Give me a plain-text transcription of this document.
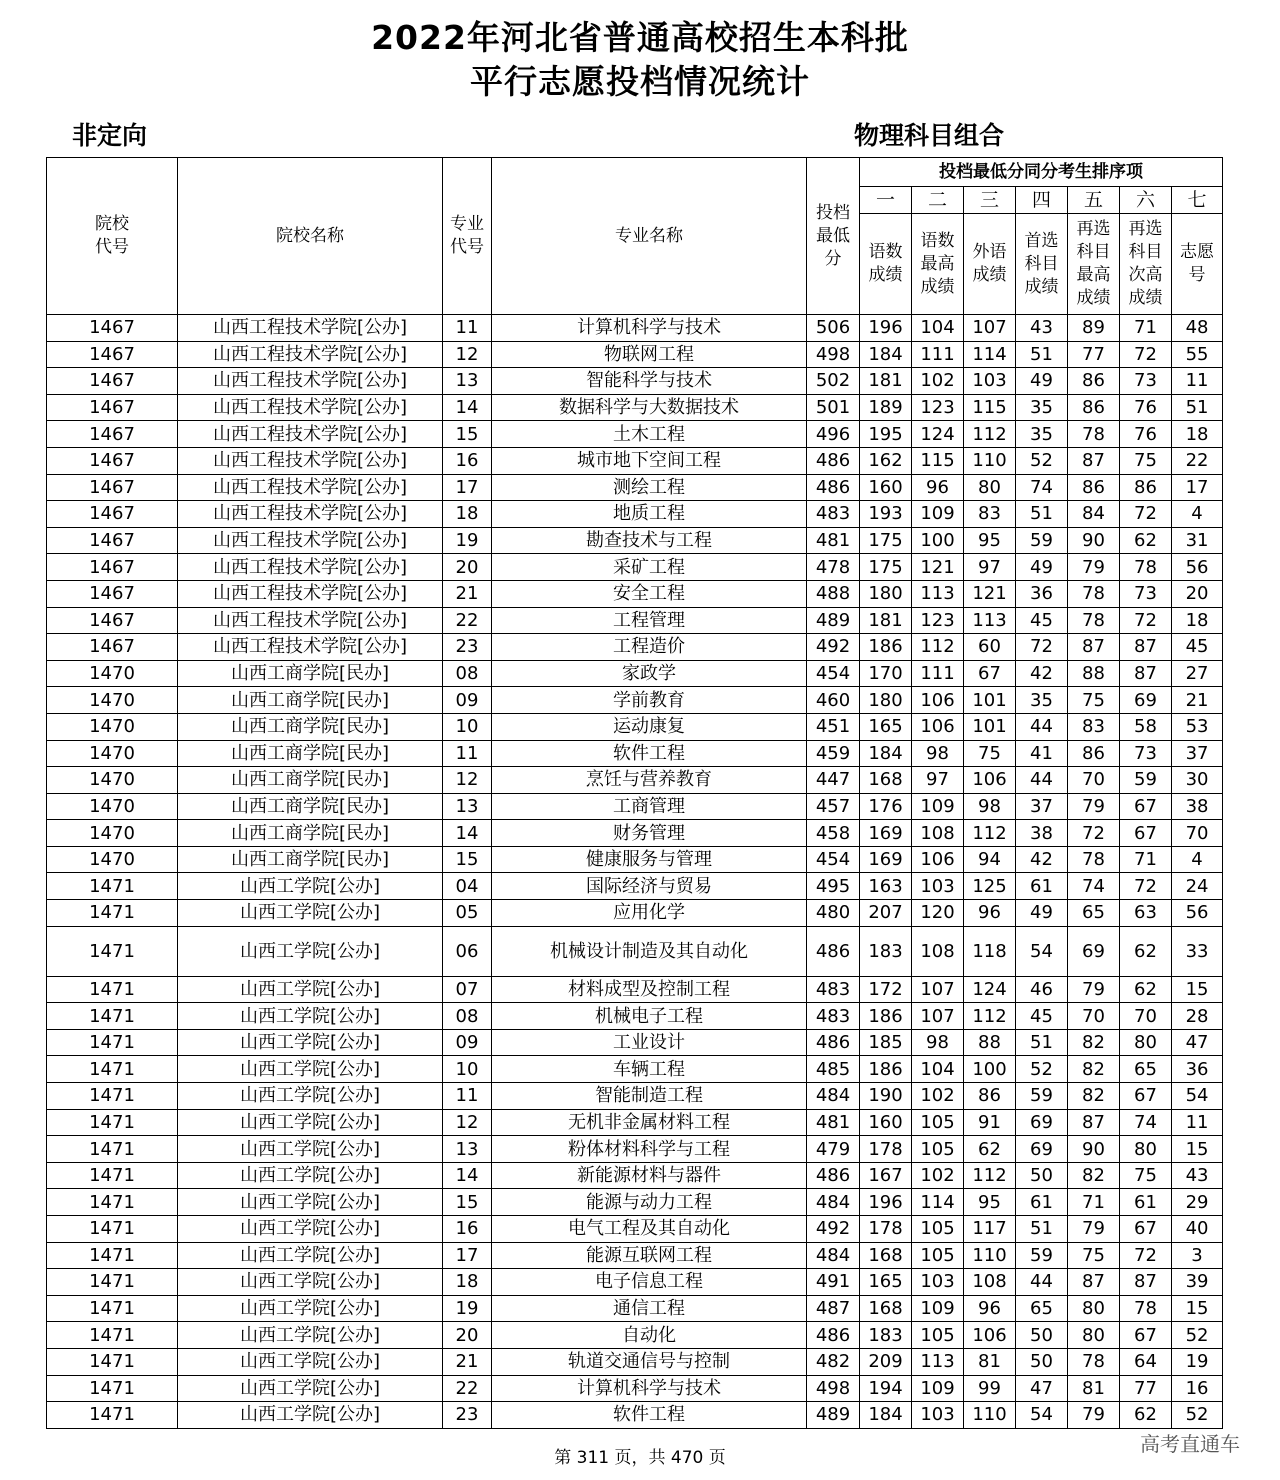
2022年河北省普通高校招生本科批
平行志愿投档情况统计
非定向	物理科目组合
院校代号	院校名称	专业代号	专业名称	投档最低分	投档最低分同分考生排序项						
					一	二	三	四	五	六	七
					语数成绩	语数最高成绩	外语成绩	首选科目成绩	再选科目最高成绩	再选科目次高成绩	志愿号
1467	山西工程技术学院[公办]	11	计算机科学与技术	506	196	104	107	43	89	71	48
1467	山西工程技术学院[公办]	12	物联网工程	498	184	111	114	51	77	72	55
1467	山西工程技术学院[公办]	13	智能科学与技术	502	181	102	103	49	86	73	11
1467	山西工程技术学院[公办]	14	数据科学与大数据技术	501	189	123	115	35	86	76	51
1467	山西工程技术学院[公办]	15	土木工程	496	195	124	112	35	78	76	18
1467	山西工程技术学院[公办]	16	城市地下空间工程	486	162	115	110	52	87	75	22
1467	山西工程技术学院[公办]	17	测绘工程	486	160	96	80	74	86	86	17
1467	山西工程技术学院[公办]	18	地质工程	483	193	109	83	51	84	72	4
1467	山西工程技术学院[公办]	19	勘查技术与工程	481	175	100	95	59	90	62	31
1467	山西工程技术学院[公办]	20	采矿工程	478	175	121	97	49	79	78	56
1467	山西工程技术学院[公办]	21	安全工程	488	180	113	121	36	78	73	20
1467	山西工程技术学院[公办]	22	工程管理	489	181	123	113	45	78	72	18
1467	山西工程技术学院[公办]	23	工程造价	492	186	112	60	72	87	87	45
1470	山西工商学院[民办]	08	家政学	454	170	111	67	42	88	87	27
1470	山西工商学院[民办]	09	学前教育	460	180	106	101	35	75	69	21
1470	山西工商学院[民办]	10	运动康复	451	165	106	101	44	83	58	53
1470	山西工商学院[民办]	11	软件工程	459	184	98	75	41	86	73	37
1470	山西工商学院[民办]	12	烹饪与营养教育	447	168	97	106	44	70	59	30
1470	山西工商学院[民办]	13	工商管理	457	176	109	98	37	79	67	38
1470	山西工商学院[民办]	14	财务管理	458	169	108	112	38	72	67	70
1470	山西工商学院[民办]	15	健康服务与管理	454	169	106	94	42	78	71	4
1471	山西工学院[公办]	04	国际经济与贸易	495	163	103	125	61	74	72	24
1471	山西工学院[公办]	05	应用化学	480	207	120	96	49	65	63	56
1471	山西工学院[公办]	06	机械设计制造及其自动化	486	183	108	118	54	69	62	33
1471	山西工学院[公办]	07	材料成型及控制工程	483	172	107	124	46	79	62	15
1471	山西工学院[公办]	08	机械电子工程	483	186	107	112	45	70	70	28
1471	山西工学院[公办]	09	工业设计	486	185	98	88	51	82	80	47
1471	山西工学院[公办]	10	车辆工程	485	186	104	100	52	82	65	36
1471	山西工学院[公办]	11	智能制造工程	484	190	102	86	59	82	67	54
1471	山西工学院[公办]	12	无机非金属材料工程	481	160	105	91	69	87	74	11
1471	山西工学院[公办]	13	粉体材料科学与工程	479	178	105	62	69	90	80	15
1471	山西工学院[公办]	14	新能源材料与器件	486	167	102	112	50	82	75	43
1471	山西工学院[公办]	15	能源与动力工程	484	196	114	95	61	71	61	29
1471	山西工学院[公办]	16	电气工程及其自动化	492	178	105	117	51	79	67	40
1471	山西工学院[公办]	17	能源互联网工程	484	168	105	110	59	75	72	3
1471	山西工学院[公办]	18	电子信息工程	491	165	103	108	44	87	87	39
1471	山西工学院[公办]	19	通信工程	487	168	109	96	65	80	78	15
1471	山西工学院[公办]	20	自动化	486	183	105	106	50	80	67	52
1471	山西工学院[公办]	21	轨道交通信号与控制	482	209	113	81	50	78	64	19
1471	山西工学院[公办]	22	计算机科学与技术	498	194	109	99	47	81	77	16
1471	山西工学院[公办]	23	软件工程	489	184	103	110	54	79	62	52
第 311 页，共 470 页
高考直通车
